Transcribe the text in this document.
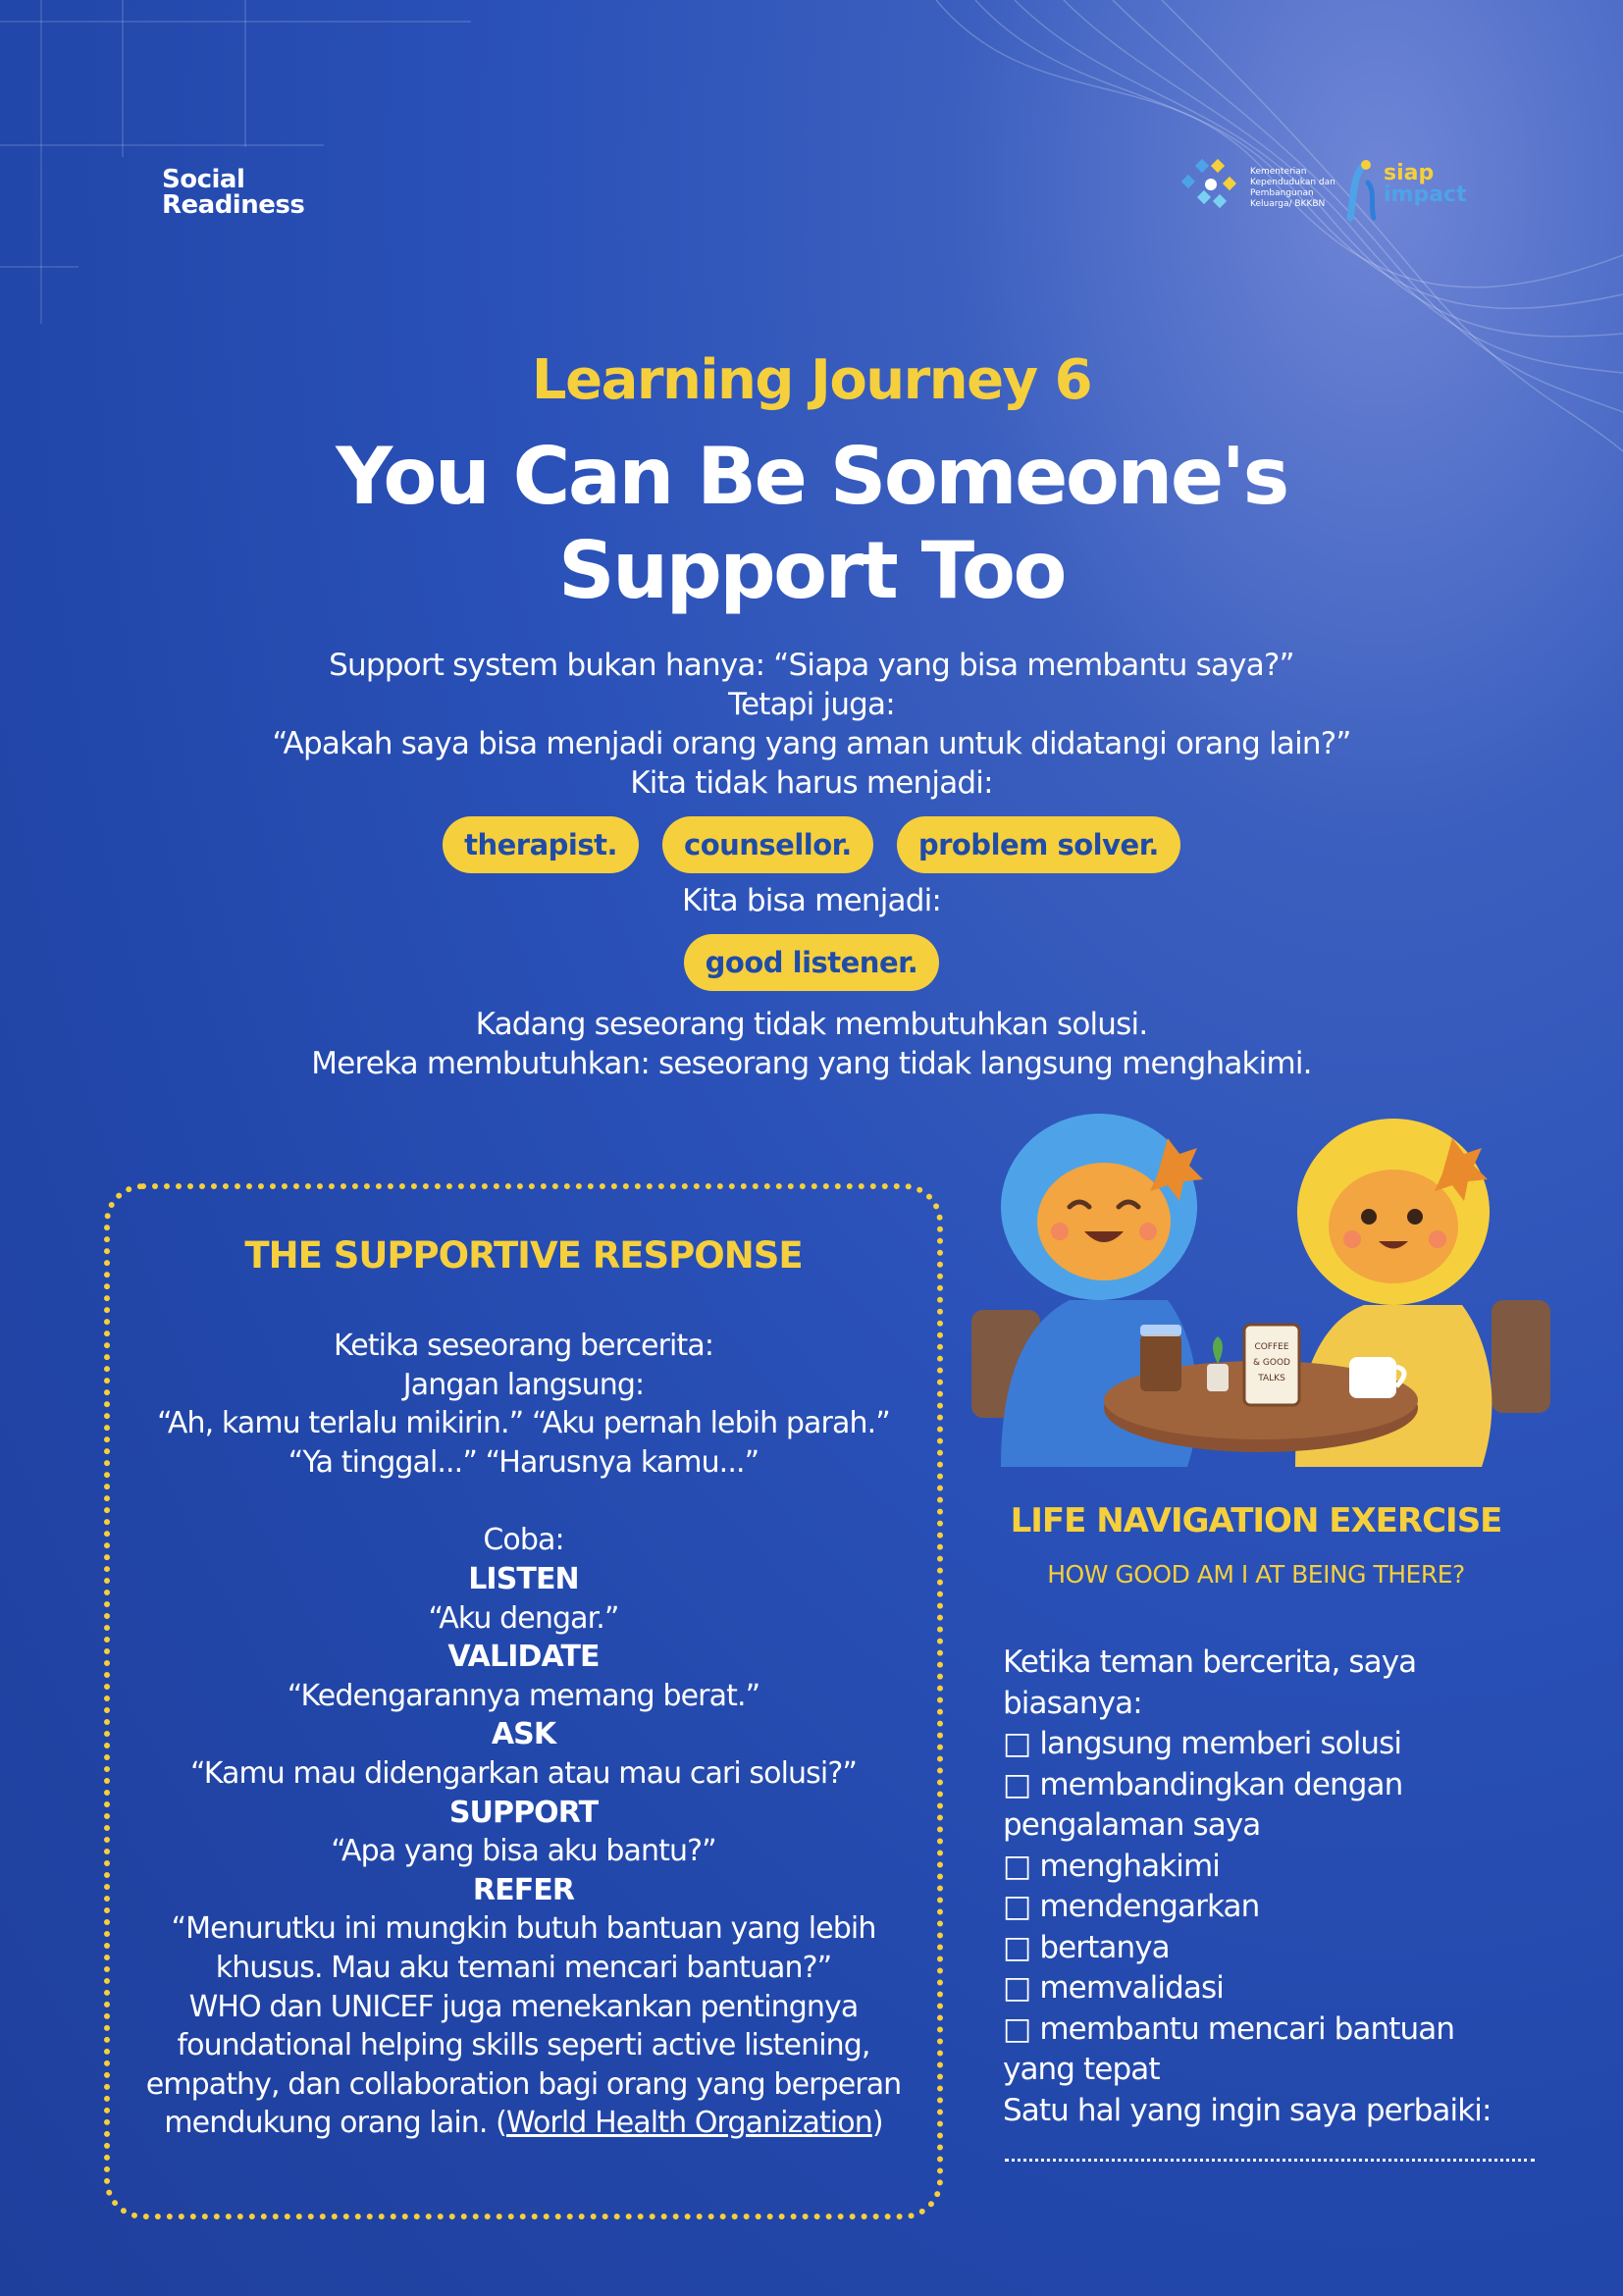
Social
Readiness
Kementerian Kependudukan dan Pembangunan Keluarga/ BKKBN
siap
impact
Learning Journey 6
You Can Be Someone's
Support Too
Support system bukan hanya: “Siapa yang bisa membantu saya?”
Tetapi juga:
“Apakah saya bisa menjadi orang yang aman untuk didatangi orang lain?”
Kita tidak harus menjadi:
therapist. counsellor. problem solver.
Kita bisa menjadi:
good listener.
Kadang seseorang tidak membutuhkan solusi.
Mereka membutuhkan: seseorang yang tidak langsung menghakimi.
THE SUPPORTIVE RESPONSE
Ketika seseorang bercerita:
Jangan langsung:
“Ah, kamu terlalu mikirin.” “Aku pernah lebih parah.”
“Ya tinggal...” “Harusnya kamu...”
Coba:
LISTEN
“Aku dengar.”
VALIDATE
“Kedengarannya memang berat.”
ASK
“Kamu mau didengarkan atau mau cari solusi?”
SUPPORT
“Apa yang bisa aku bantu?”
REFER
“Menurutku ini mungkin butuh bantuan yang lebih khusus. Mau aku temani mencari bantuan?”
WHO dan UNICEF juga menekankan pentingnya foundational helping skills seperti active listening, empathy, dan collaboration bagi orang yang berperan mendukung orang lain. (World Health Organization)
COFFEE
& GOOD
TALKS
LIFE NAVIGATION EXERCISE
HOW GOOD AM I AT BEING THERE?
Ketika teman bercerita, saya biasanya:
□ langsung memberi solusi
□ membandingkan dengan pengalaman saya
□ menghakimi
□ mendengarkan
□ bertanya
□ memvalidasi
□ membantu mencari bantuan yang tepat
Satu hal yang ingin saya perbaiki:
